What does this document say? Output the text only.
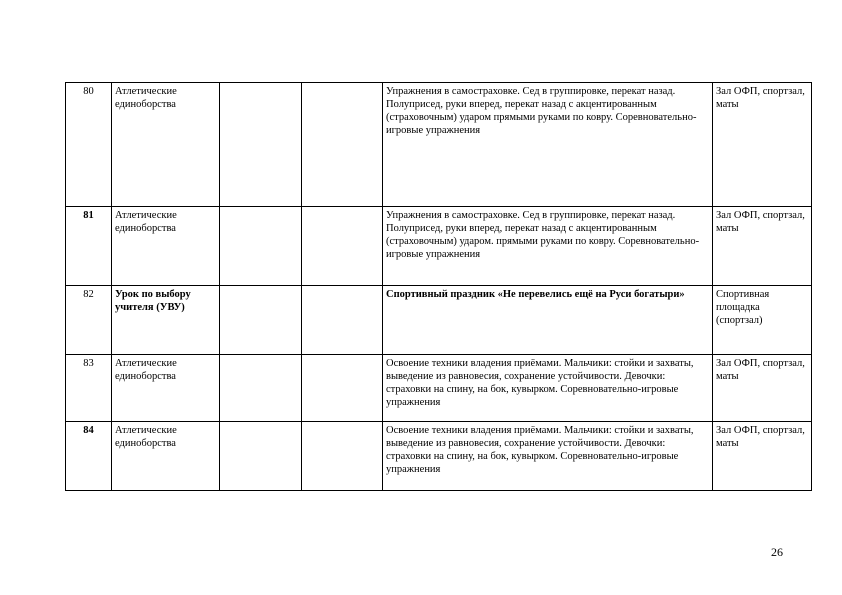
80	Атлетические единоборства			Упражнения в самостраховке. Сед в группировке, перекат назад. Полуприсед, руки вперед, перекат назад с акцентированным (страховочным) ударом прямыми руками по ковру. Соревновательно-игровые упражнения	Зал ОФП, спортзал, маты
81	Атлетические единоборства			Упражнения в самостраховке. Сед в группировке, перекат назад. Полуприсед, руки вперед, перекат назад с акцентированным (страховочным) ударом. прямыми руками по ковру. Соревновательно-игровые упражнения	Зал ОФП, спортзал, маты
82	Урок по выбору учителя (УВУ)			Спортивный праздник «Не перевелись ещё на Руси богатыри»	Спортивная площадка (спортзал)
83	Атлетические единоборства			Освоение техники владения приёмами. Мальчики: стойки и захваты, выведение из равновесия, сохранение устойчивости. Девочки: страховки на спину, на бок, кувырком. Соревновательно-игровые упражнения	Зал ОФП, спортзал, маты
84	Атлетические единоборства			Освоение техники владения приёмами. Мальчики: стойки и захваты, выведение из равновесия, сохранение устойчивости. Девочки: страховки на спину, на бок, кувырком. Соревновательно-игровые упражнения	Зал ОФП, спортзал, маты
26
